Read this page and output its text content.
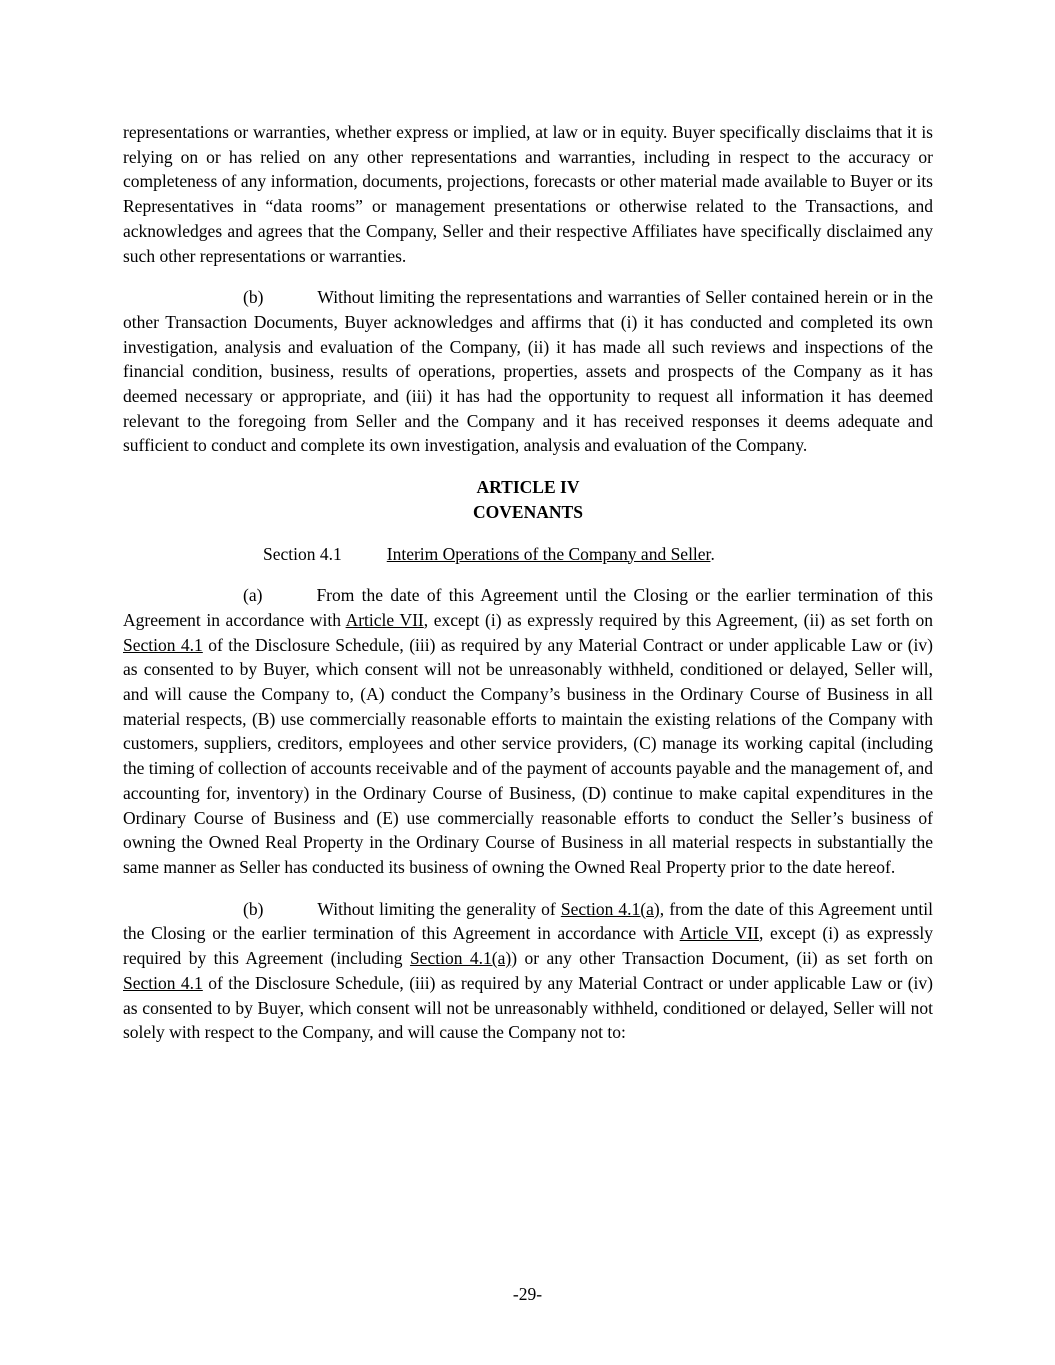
representations or warranties, whether express or implied, at law or in equity. Buyer specifically disclaims that it is relying on or has relied on any other representations and warranties, including in respect to the accuracy or completeness of any information, documents, projections, forecasts or other material made available to Buyer or its Representatives in “data rooms” or management presentations or otherwise related to the Transactions, and acknowledges and agrees that the Company, Seller and their respective Affiliates have specifically disclaimed any such other representations or warranties.

(b)	Without limiting the representations and warranties of Seller contained herein or in the other Transaction Documents, Buyer acknowledges and affirms that (i) it has conducted and completed its own investigation, analysis and evaluation of the Company, (ii) it has made all such reviews and inspections of the financial condition, business, results of operations, properties, assets and prospects of the Company as it has deemed necessary or appropriate, and (iii) it has had the opportunity to request all information it has deemed relevant to the foregoing from Seller and the Company and it has received responses it deems adequate and sufficient to conduct and complete its own investigation, analysis and evaluation of the Company.

ARTICLE IV

COVENANTS

Section 4.1	Interim Operations of the Company and Seller.

(a)	From the date of this Agreement until the Closing or the earlier termination of this Agreement in accordance with Article VII, except (i) as expressly required by this Agreement, (ii) as set forth on Section 4.1 of the Disclosure Schedule, (iii) as required by any Material Contract or under applicable Law or (iv) as consented to by Buyer, which consent will not be unreasonably withheld, conditioned or delayed, Seller will, and will cause the Company to, (A) conduct the Company’s business in the Ordinary Course of Business in all material respects, (B) use commercially reasonable efforts to maintain the existing relations of the Company with customers, suppliers, creditors, employees and other service providers, (C) manage its working capital (including the timing of collection of accounts receivable and of the payment of accounts payable and the management of, and accounting for, inventory) in the Ordinary Course of Business, (D) continue to make capital expenditures in the Ordinary Course of Business and (E) use commercially reasonable efforts to conduct the Seller’s business of owning the Owned Real Property in the Ordinary Course of Business in all material respects in substantially the same manner as Seller has conducted its business of owning the Owned Real Property prior to the date hereof.

(b)	Without limiting the generality of Section 4.1(a), from the date of this Agreement until the Closing or the earlier termination of this Agreement in accordance with Article VII, except (i) as expressly required by this Agreement (including Section 4.1(a)) or any other Transaction Document, (ii) as set forth on Section 4.1 of the Disclosure Schedule, (iii) as required by any Material Contract or under applicable Law or (iv) as consented to by Buyer, which consent will not be unreasonably withheld, conditioned or delayed, Seller will not solely with respect to the Company, and will cause the Company not to:

-29-
